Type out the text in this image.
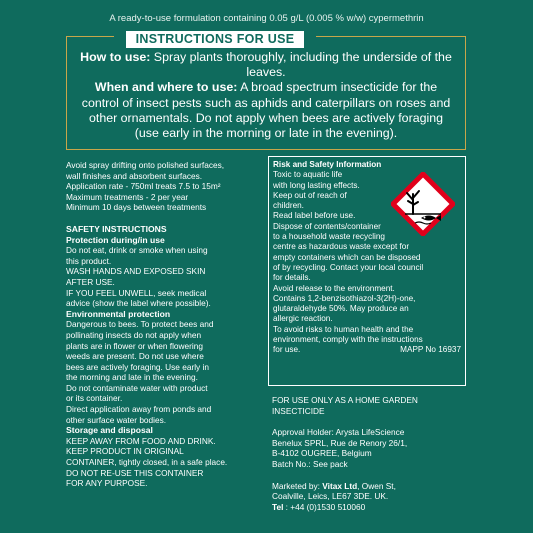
A ready-to-use formulation containing 0.05 g/L (0.005 % w/w) cypermethrin

How to use: Spray plants thoroughly, including the underside of the leaves.

When and where to use: A broad spectrum insecticide for the control of insect pests such as aphids and caterpillars on roses and other ornamentals. Do not apply when bees are actively foraging (use early in the morning or late in the evening).

INSTRUCTIONS FOR USE
Avoid spray drifting onto polished surfaces,
wall finishes and absorbent surfaces.
Application rate - 750ml treats 7.5 to 15m²
Maximum treatments - 2 per year
Minimum 10 days between treatments
SAFETY INSTRUCTIONS
Protection during/in use
Do not eat, drink or smoke when using
this product.
WASH HANDS AND EXPOSED SKIN
AFTER USE.
IF YOU FEEL UNWELL, seek medical
advice (show the label where possible).
Environmental protection
Dangerous to bees. To protect bees and
pollinating insects do not apply when
plants are in flower or when flowering
weeds are present. Do not use where
bees are actively foraging. Use early in
the morning and late in the evening.
Do not contaminate water with product
or its container.
Direct application away from ponds and
other surface water bodies.
Storage and disposal
KEEP AWAY FROM FOOD AND DRINK.
KEEP PRODUCT IN ORIGINAL
CONTAINER, tightly closed, in a safe place.
DO NOT RE-USE THIS CONTAINER
FOR ANY PURPOSE.
Risk and Safety Information
Toxic to aquatic life
with long lasting effects.
Keep out of reach of
children.
Read label before use.
Dispose of contents/container
to a household waste recycling
centre as hazardous waste except for
empty containers which can be disposed
of by recycling. Contact your local council
for details.
Avoid release to the environment.
Contains 1,2-benzisothiazol-3(2H)-one,
glutaraldehyde 50%. May produce an
allergic reaction.
To avoid risks to human health and the
environment, comply with the instructions
for use.	MAPP No 16937
FOR USE ONLY AS A HOME GARDEN
INSECTICIDE
Approval Holder: Arysta LifeScience
Benelux SPRL, Rue de Renory 26/1,
B-4102 OUGREE, Belgium
Batch No.: See pack
Marketed by: Vitax Ltd, Owen St,
Coalville, Leics, LE67 3DE. UK.
Tel : +44 (0)1530 510060
